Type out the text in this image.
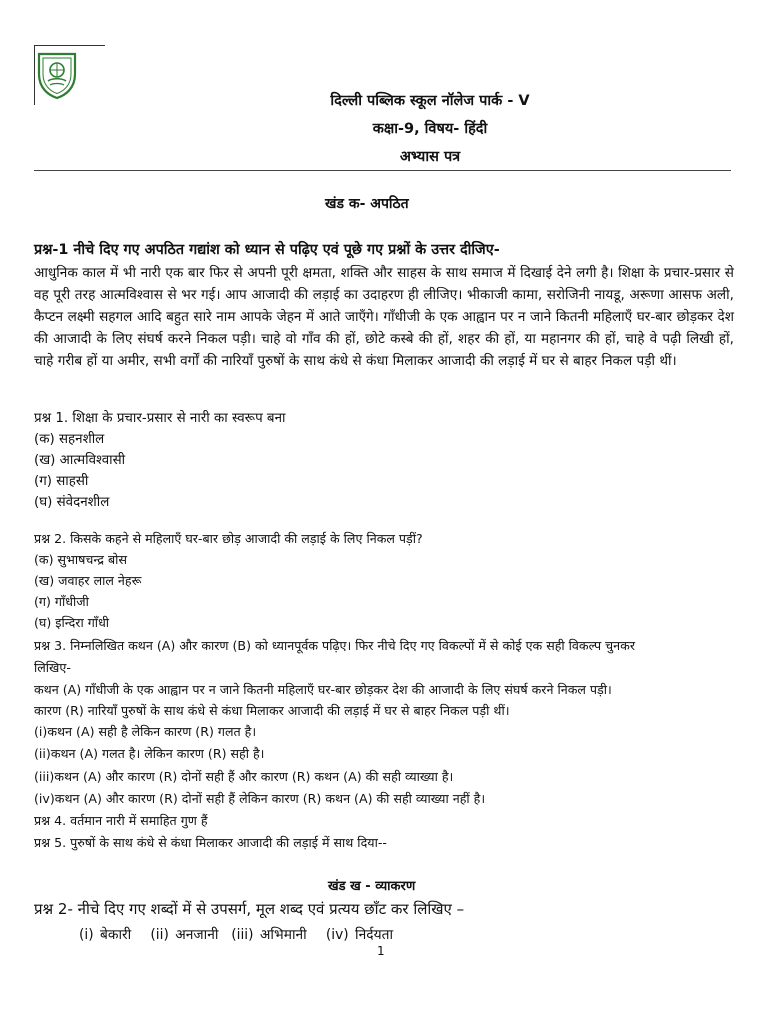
दिल्ली पब्लिक स्कूल नॉलेज पार्क - V
कक्षा-9, विषय- हिंदी
अभ्यास पत्र
खंड क- अपठित
प्रश्न-1 नीचे दिए गए अपठित गद्यांश को ध्यान से पढ़िए एवं पूछे गए प्रश्नों के उत्तर दीजिए-
आधुनिक काल में भी नारी एक बार फिर से अपनी पूरी क्षमता, शक्ति और साहस के साथ समाज में दिखाई देने लगी है। शिक्षा के प्रचार-प्रसार से वह पूरी तरह आत्मविश्वास से भर गई। आप आजादी की लड़ाई का उदाहरण ही लीजिए। भीकाजी कामा, सरोजिनी नायडू, अरूणा आसफ अली, कैप्टन लक्ष्मी सहगल आदि बहुत सारे नाम आपके जेहन में आते जाएँगे। गाँधीजी के एक आह्वान पर न जाने कितनी महिलाएँ घर-बार छोड़कर देश की आजादी के लिए संघर्ष करने निकल पड़ी। चाहे वो गाँव की हों, छोटे कस्बे की हों, शहर की हों, या महानगर की हों, चाहे वे पढ़ी लिखी हों, चाहे गरीब हों या अमीर, सभी वर्गों की नारियाँ पुरुषों के साथ कंधे से कंधा मिलाकर आजादी की लड़ाई में घर से बाहर निकल पड़ी थीं।
प्रश्न 1. शिक्षा के प्रचार-प्रसार से नारी का स्वरूप बना
(क) सहनशील
(ख) आत्मविश्वासी
(ग) साहसी
(घ) संवेदनशील
प्रश्न 2. किसके कहने से महिलाएँ घर-बार छोड़ आजादी की लड़ाई के लिए निकल पड़ीं?
(क) सुभाषचन्द्र बोस
(ख) जवाहर लाल नेहरू
(ग) गाँधीजी
(घ) इन्दिरा गाँधी
प्रश्न 3. निम्नलिखित कथन (A) और कारण (B) को ध्यानपूर्वक पढ़िए। फिर नीचे दिए गए विकल्पों में से कोई एक सही विकल्प चुनकर
लिखिए-
कथन (A) गाँधीजी के एक आह्वान पर न जाने कितनी महिलाएँ घर-बार छोड़कर देश की आजादी के लिए संघर्ष करने निकल पड़ी।
कारण (R) नारियाँ पुरुषों के साथ कंधे से कंधा मिलाकर आजादी की लड़ाई में घर से बाहर निकल पड़ी थीं।
(i)कथन (A) सही है लेकिन कारण (R) गलत है।
(ii)कथन (A) गलत है। लेकिन कारण (R) सही है।
(iii)कथन (A) और कारण (R) दोनों सही हैं और कारण (R) कथन (A) की सही व्याख्या है।
(iv)कथन (A) और कारण (R) दोनों सही हैं लेकिन कारण (R) कथन (A) की सही व्याख्या नहीं है।
प्रश्न 4. वर्तमान नारी में समाहित गुण हैं
प्रश्न 5. पुरुषों के साथ कंधे से कंधा मिलाकर आजादी की लड़ाई में साथ दिया--
खंड ख - व्याकरण
प्रश्न 2- नीचे दिए गए शब्दों में से उपसर्ग, मूल शब्द एवं प्रत्यय छाँट कर लिखिए –
(i) बेकारी   (ii) अनजानी  (iii) अभिमानी   (iv) निर्दयता
1
